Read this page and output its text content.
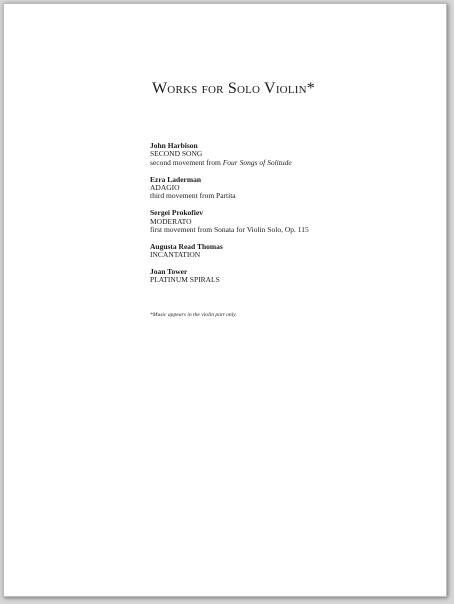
Works for Solo Violin*
John Harbison
SECOND SONG
second movement from Four Songs of Solitude
Ezra Laderman
ADAGIO
third movement from Partita
Sergei Prokofiev
MODERATO
first movement from Sonata for Violin Solo, Op. 115
Augusta Read Thomas
INCANTATION
Joan Tower
PLATINUM SPIRALS
*Music appears in the violin part only.
